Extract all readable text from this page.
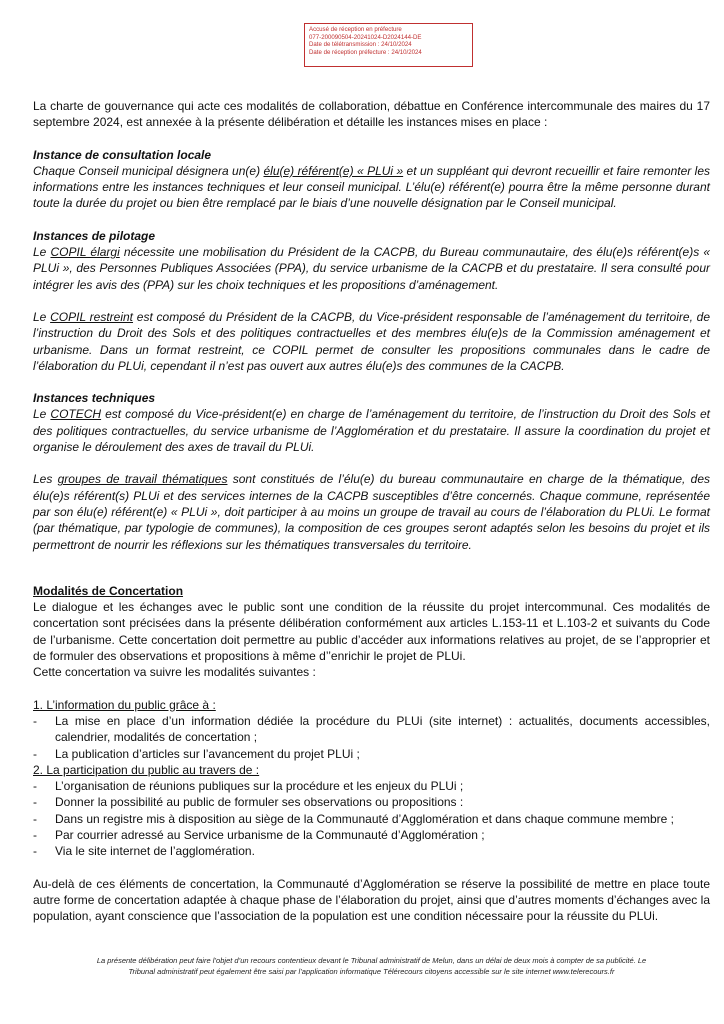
Accusé de réception en préfecture
077-200090504-20241024-D2024144-DE
Date de télétransmission : 24/10/2024
Date de réception préfecture : 24/10/2024

La charte de gouvernance qui acte ces modalités de collaboration, débattue en Conférence intercommunale des maires du 17 septembre 2024, est annexée à la présente délibération et détaille les instances mises en place :

Instance de consultation locale

Chaque Conseil municipal désignera un(e) élu(e) référent(e) « PLUi » et un suppléant qui devront recueillir et faire remonter les informations entre les instances techniques et leur conseil municipal. L’élu(e) référent(e) pourra être la même personne durant toute la durée du projet ou bien être remplacé par le biais d’une nouvelle désignation par le Conseil municipal.

Instances de pilotage

Le COPIL élargi nécessite une mobilisation du Président de la CACPB, du Bureau communautaire, des élu(e)s référent(e)s « PLUi », des Personnes Publiques Associées (PPA), du service urbanisme de la CACPB et du prestataire. Il sera consulté pour intégrer les avis des (PPA) sur les choix techniques et les propositions d’aménagement.

Le COPIL restreint est composé du Président de la CACPB, du Vice-président responsable de l’aménagement du territoire, de l’instruction du Droit des Sols et des politiques contractuelles et des membres élu(e)s de la Commission aménagement et urbanisme. Dans un format restreint, ce COPIL permet de consulter les propositions communales dans le cadre de l’élaboration du PLUi, cependant il n’est pas ouvert aux autres élu(e)s des communes de la CACPB.

Instances techniques

Le COTECH est composé du Vice-président(e) en charge de l’aménagement du territoire, de l’instruction du Droit des Sols et des politiques contractuelles, du service urbanisme de l’Agglomération et du prestataire. Il assure la coordination du projet et organise le déroulement des axes de travail du PLUi.

Les groupes de travail thématiques sont constitués de l’élu(e) du bureau communautaire en charge de la thématique, des élu(e)s référent(s) PLUi et des services internes de la CACPB susceptibles d’être concernés. Chaque commune, représentée par son élu(e) référent(e) « PLUi », doit participer à au moins un groupe de travail au cours de l’élaboration du PLUi. Le format (par thématique, par typologie de communes), la composition de ces groupes seront adaptés selon les besoins du projet et ils permettront de nourrir les réflexions sur les thématiques transversales du territoire.

Modalités de Concertation

Le dialogue et les échanges avec le public sont une condition de la réussite du projet intercommunal. Ces modalités de concertation sont précisées dans la présente délibération conformément aux articles L.153-11 et L.103-2 et suivants du Code de l’urbanisme. Cette concertation doit permettre au public d’accéder aux informations relatives au projet, de se l’approprier et de formuler des observations et propositions à même d’’enrichir le projet de PLUi.

Cette concertation va suivre les modalités suivantes :

1. L’information du public grâce à :

- La mise en place d’un information dédiée la procédure du PLUi (site internet) : actualités, documents accessibles, calendrier, modalités de concertation ;

- La publication d’articles sur l’avancement du projet PLUi ;

2. La participation du public au travers de :

- L’organisation de réunions publiques sur la procédure et les enjeux du PLUi ;

- Donner la possibilité au public de formuler ses observations ou propositions :

- Dans un registre mis à disposition au siège de la Communauté d’Agglomération et dans chaque commune membre ;

- Par courrier adressé au Service urbanisme de la Communauté d’Agglomération ;

- Via le site internet de l’agglomération.

Au-delà de ces éléments de concertation, la Communauté d’Agglomération se réserve la possibilité de mettre en place toute autre forme de concertation adaptée à chaque phase de l’élaboration du projet, ainsi que d’autres moments d’échanges avec la population, ayant conscience que l’association de la population est une condition nécessaire pour la réussite du PLUi.

La présente délibération peut faire l’objet d’un recours contentieux devant le Tribunal administratif de Melun, dans un délai de deux mois à compter de sa publicité. Le
Tribunal administratif peut également être saisi par l’application informatique Télérecours citoyens accessible sur le site internet www.telerecours.fr
